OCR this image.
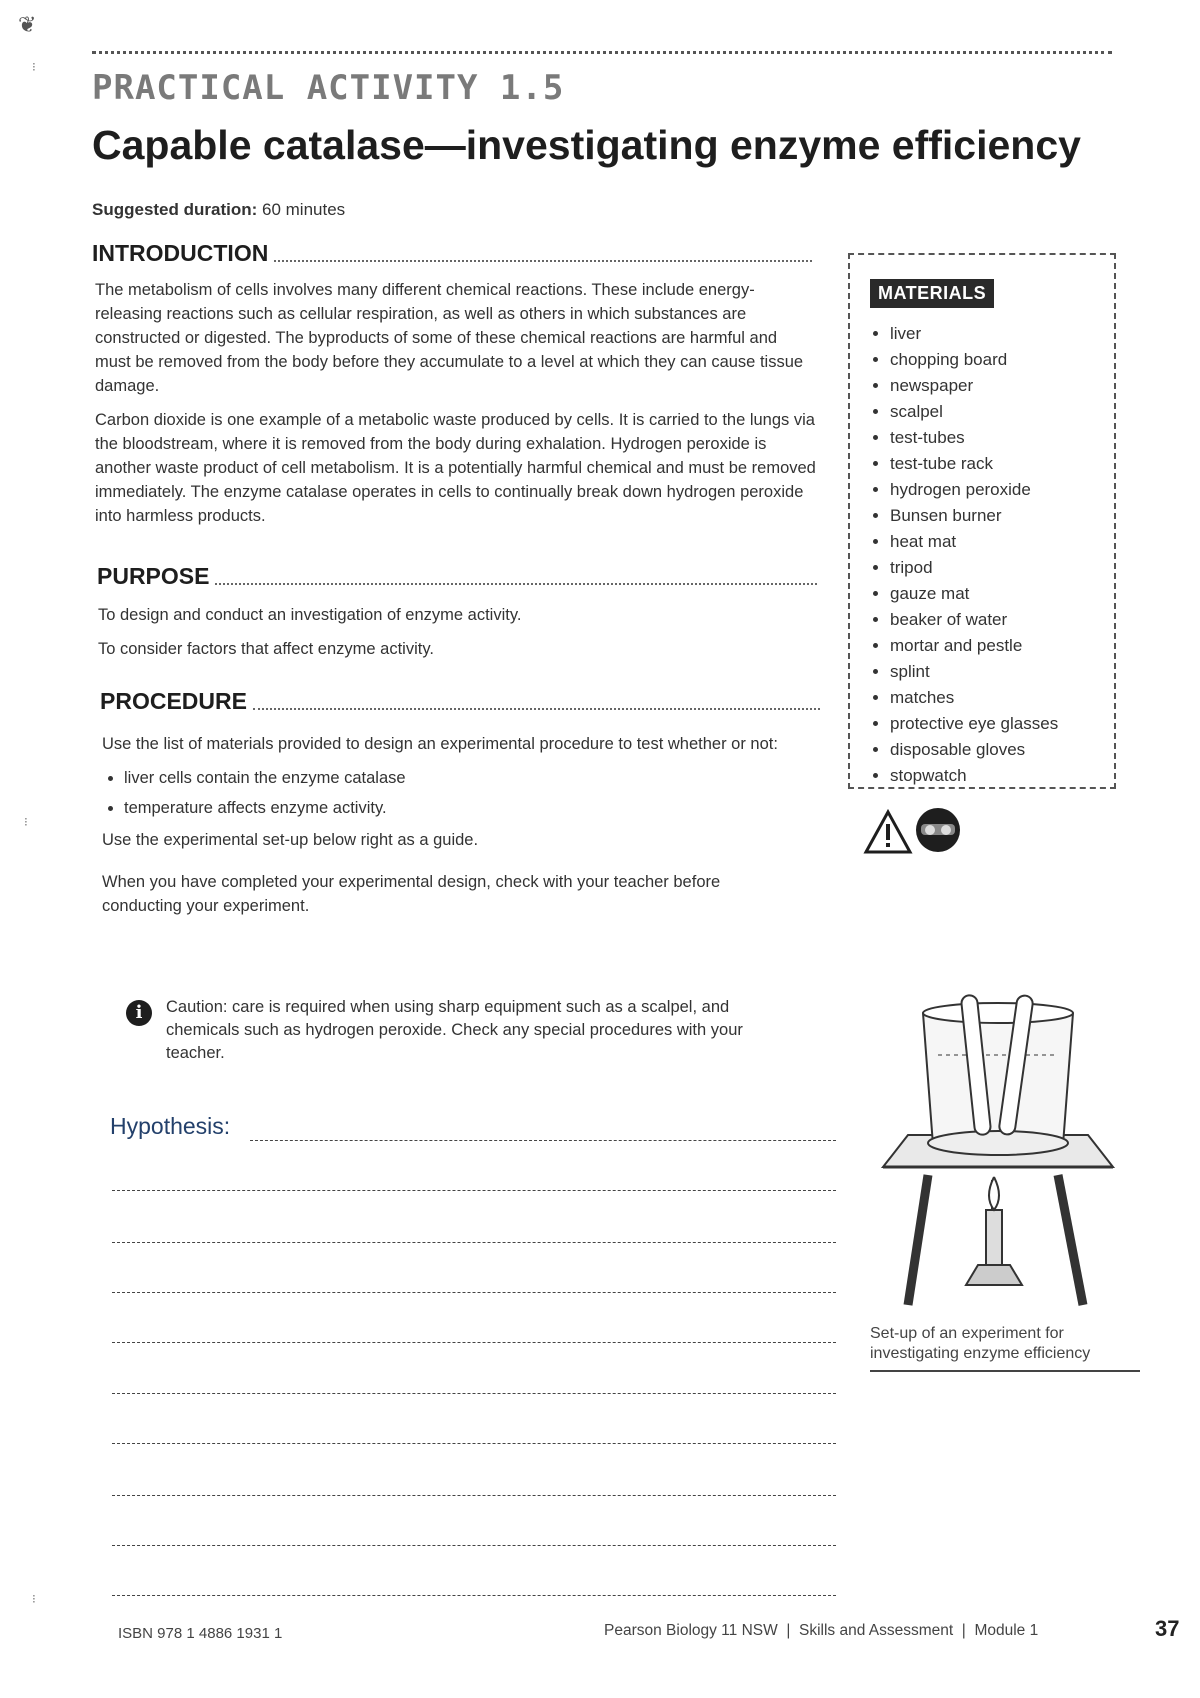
❦
⁝
⁝
⁝
PRACTICAL ACTIVITY 1.5
Capable catalase—investigating enzyme efficiency
Suggested duration: 60 minutes
INTRODUCTION

The metabolism of cells involves many different chemical reactions. These include energy-releasing reactions such as cellular respiration, as well as others in which substances are constructed or digested. The byproducts of some of these chemical reactions are harmful and must be removed from the body before they accumulate to a level at which they can cause tissue damage.

Carbon dioxide is one example of a metabolic waste produced by cells. It is carried to the lungs via the bloodstream, where it is removed from the body during exhalation. Hydrogen peroxide is another waste product of cell metabolism. It is a potentially harmful chemical and must be removed immediately. The enzyme catalase operates in cells to continually break down hydrogen peroxide into harmless products.

PURPOSE

To design and conduct an investigation of enzyme activity.

To consider factors that affect enzyme activity.

PROCEDURE

Use the list of materials provided to design an experimental procedure to test whether or not:

• liver cells contain the enzyme catalase
• temperature affects enzyme activity.

Use the experimental set-up below right as a guide.

When you have completed your experimental design, check with your teacher before conducting your experiment.

i	Caution: care is required when using sharp equipment such as a scalpel, and chemicals such as hydrogen peroxide. Check any special procedures with your teacher.
Hypothesis:
MATERIALS
• liver
• chopping board
• newspaper
• scalpel
• test-tubes
• test-tube rack
• hydrogen peroxide
• Bunsen burner
• heat mat
• tripod
• gauze mat
• beaker of water
• mortar and pestle
• splint
• matches
• protective eye glasses
• disposable gloves
• stopwatch
Set-up of an experiment for investigating enzyme efficiency
ISBN 978 1 4886 1931 1	Pearson Biology 11 NSW  |  Skills and Assessment  |  Module 1	37
